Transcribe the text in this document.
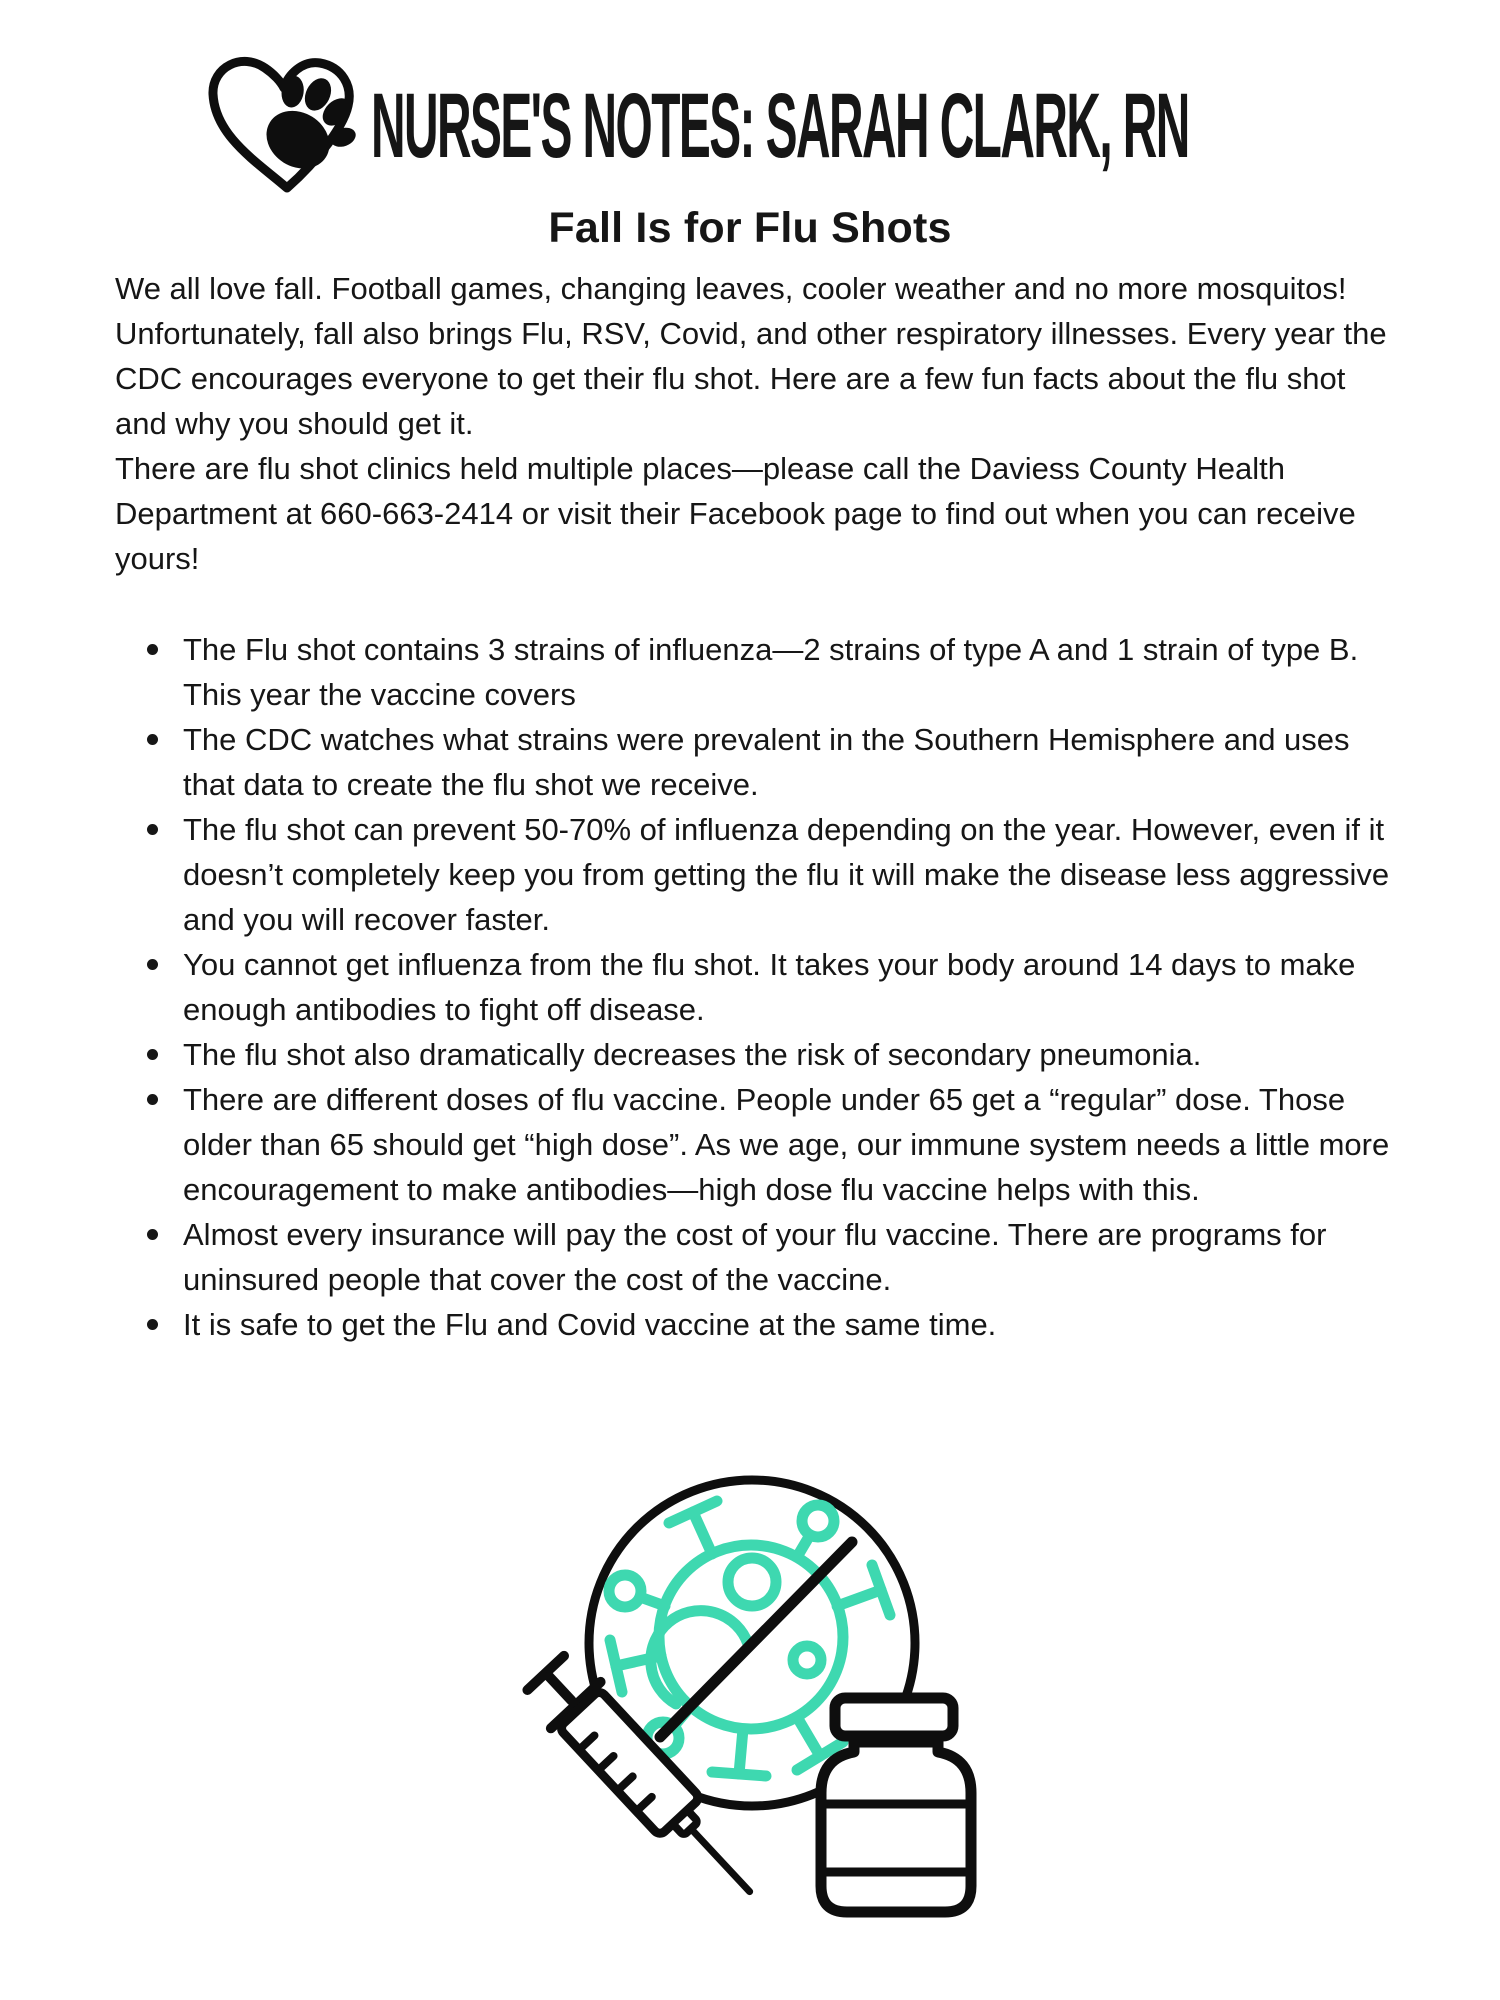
NURSE'S NOTES: SARAH CLARK, RN
Fall Is for Flu Shots

We all love fall. Football games, changing leaves, cooler weather and no more mosquitos! Unfortunately, fall also brings Flu, RSV, Covid, and other respiratory illnesses. Every year the CDC encourages everyone to get their flu shot. Here are a few fun facts about the flu shot and why you should get it.

There are flu shot clinics held multiple places—please call the Daviess County Health Department at 660-663-2414 or visit their Facebook page to find out when you can receive yours!

The Flu shot contains 3 strains of influenza—2 strains of type A and 1 strain of type B. This year the vaccine covers
The CDC watches what strains were prevalent in the Southern Hemisphere and uses that data to create the flu shot we receive.
The flu shot can prevent 50-70% of influenza depending on the year. However, even if it doesn’t completely keep you from getting the flu it will make the disease less aggressive and you will recover faster.
You cannot get influenza from the flu shot. It takes your body around 14 days to make enough antibodies to fight off disease.
The flu shot also dramatically decreases the risk of secondary pneumonia.
There are different doses of flu vaccine. People under 65 get a “regular” dose. Those older than 65 should get “high dose”. As we age, our immune system needs a little more encouragement to make antibodies—high dose flu vaccine helps with this.
Almost every insurance will pay the cost of your flu vaccine. There are programs for uninsured people that cover the cost of the vaccine.
It is safe to get the Flu and Covid vaccine at the same time.
